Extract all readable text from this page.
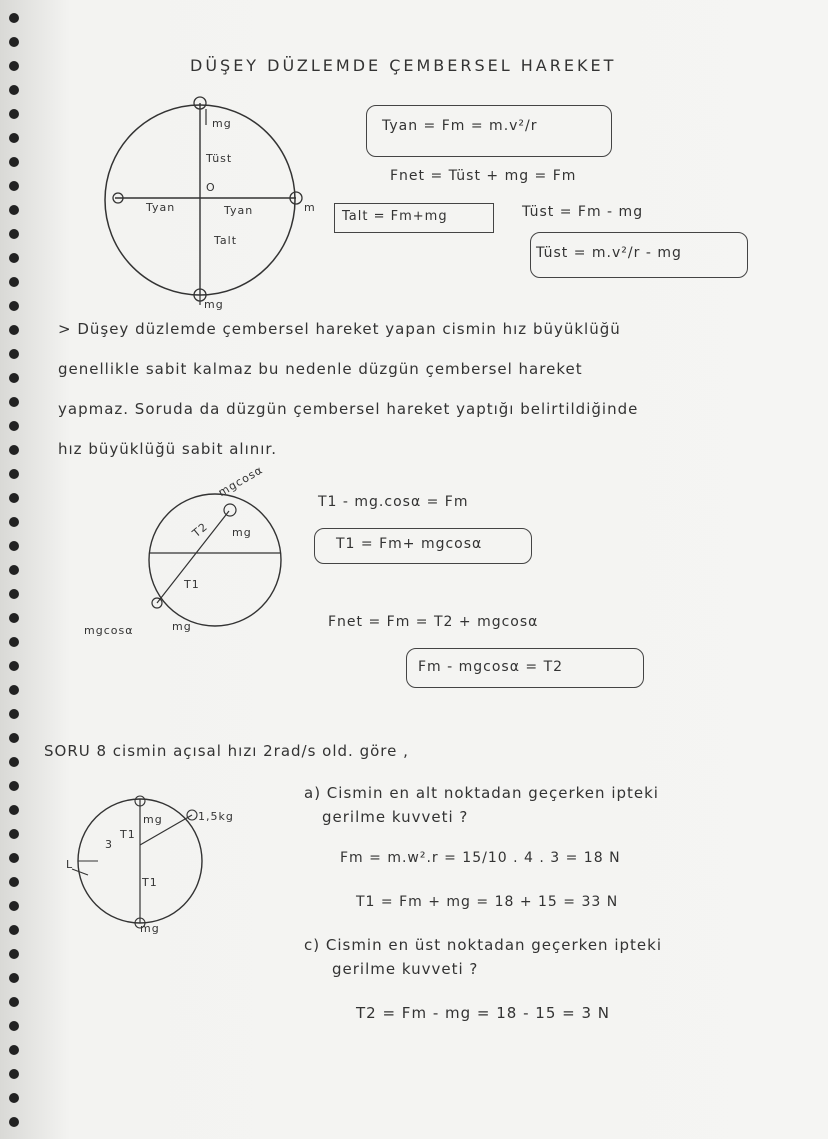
DÜŞEY DÜZLEMDE ÇEMBERSEL HAREKET
mg
Tüst
O
Tyan	Tyan	m
Talt
mg
Tyan = Fm = m.v²/r
Fnet = Tüst + mg = Fm
Talt = Fm+mg	Tüst = Fm - mg
Tüst = m.v²/r - mg
> Düşey düzlemde çembersel hareket yapan cismin hız büyüklüğü
genellikle sabit kalmaz bu nedenle düzgün çembersel hareket
yapmaz. Soruda da düzgün çembersel hareket yaptığı belirtildiğinde
hız büyüklüğü sabit alınır.
mgcosα
T2 mg
T1
mgcosα	mg
T1 - mg.cosα = Fm
T1 = Fm+ mgcosα
Fnet = Fm = T2 + mgcosα
Fm - mgcosα = T2
SORU 8 cismin açısal hızı 2rad/s old. göre ,
mg	1,5kg
3
T1
T1
mg
L
a) Cismin en alt noktadan geçerken ipteki
gerilme kuvveti ?
Fm = m.w².r = 15/10 . 4 . 3 = 18 N
T1 = Fm + mg = 18 + 15 = 33 N
c) Cismin en üst noktadan geçerken ipteki
gerilme kuvveti ?
T2 = Fm - mg = 18 - 15 = 3 N
